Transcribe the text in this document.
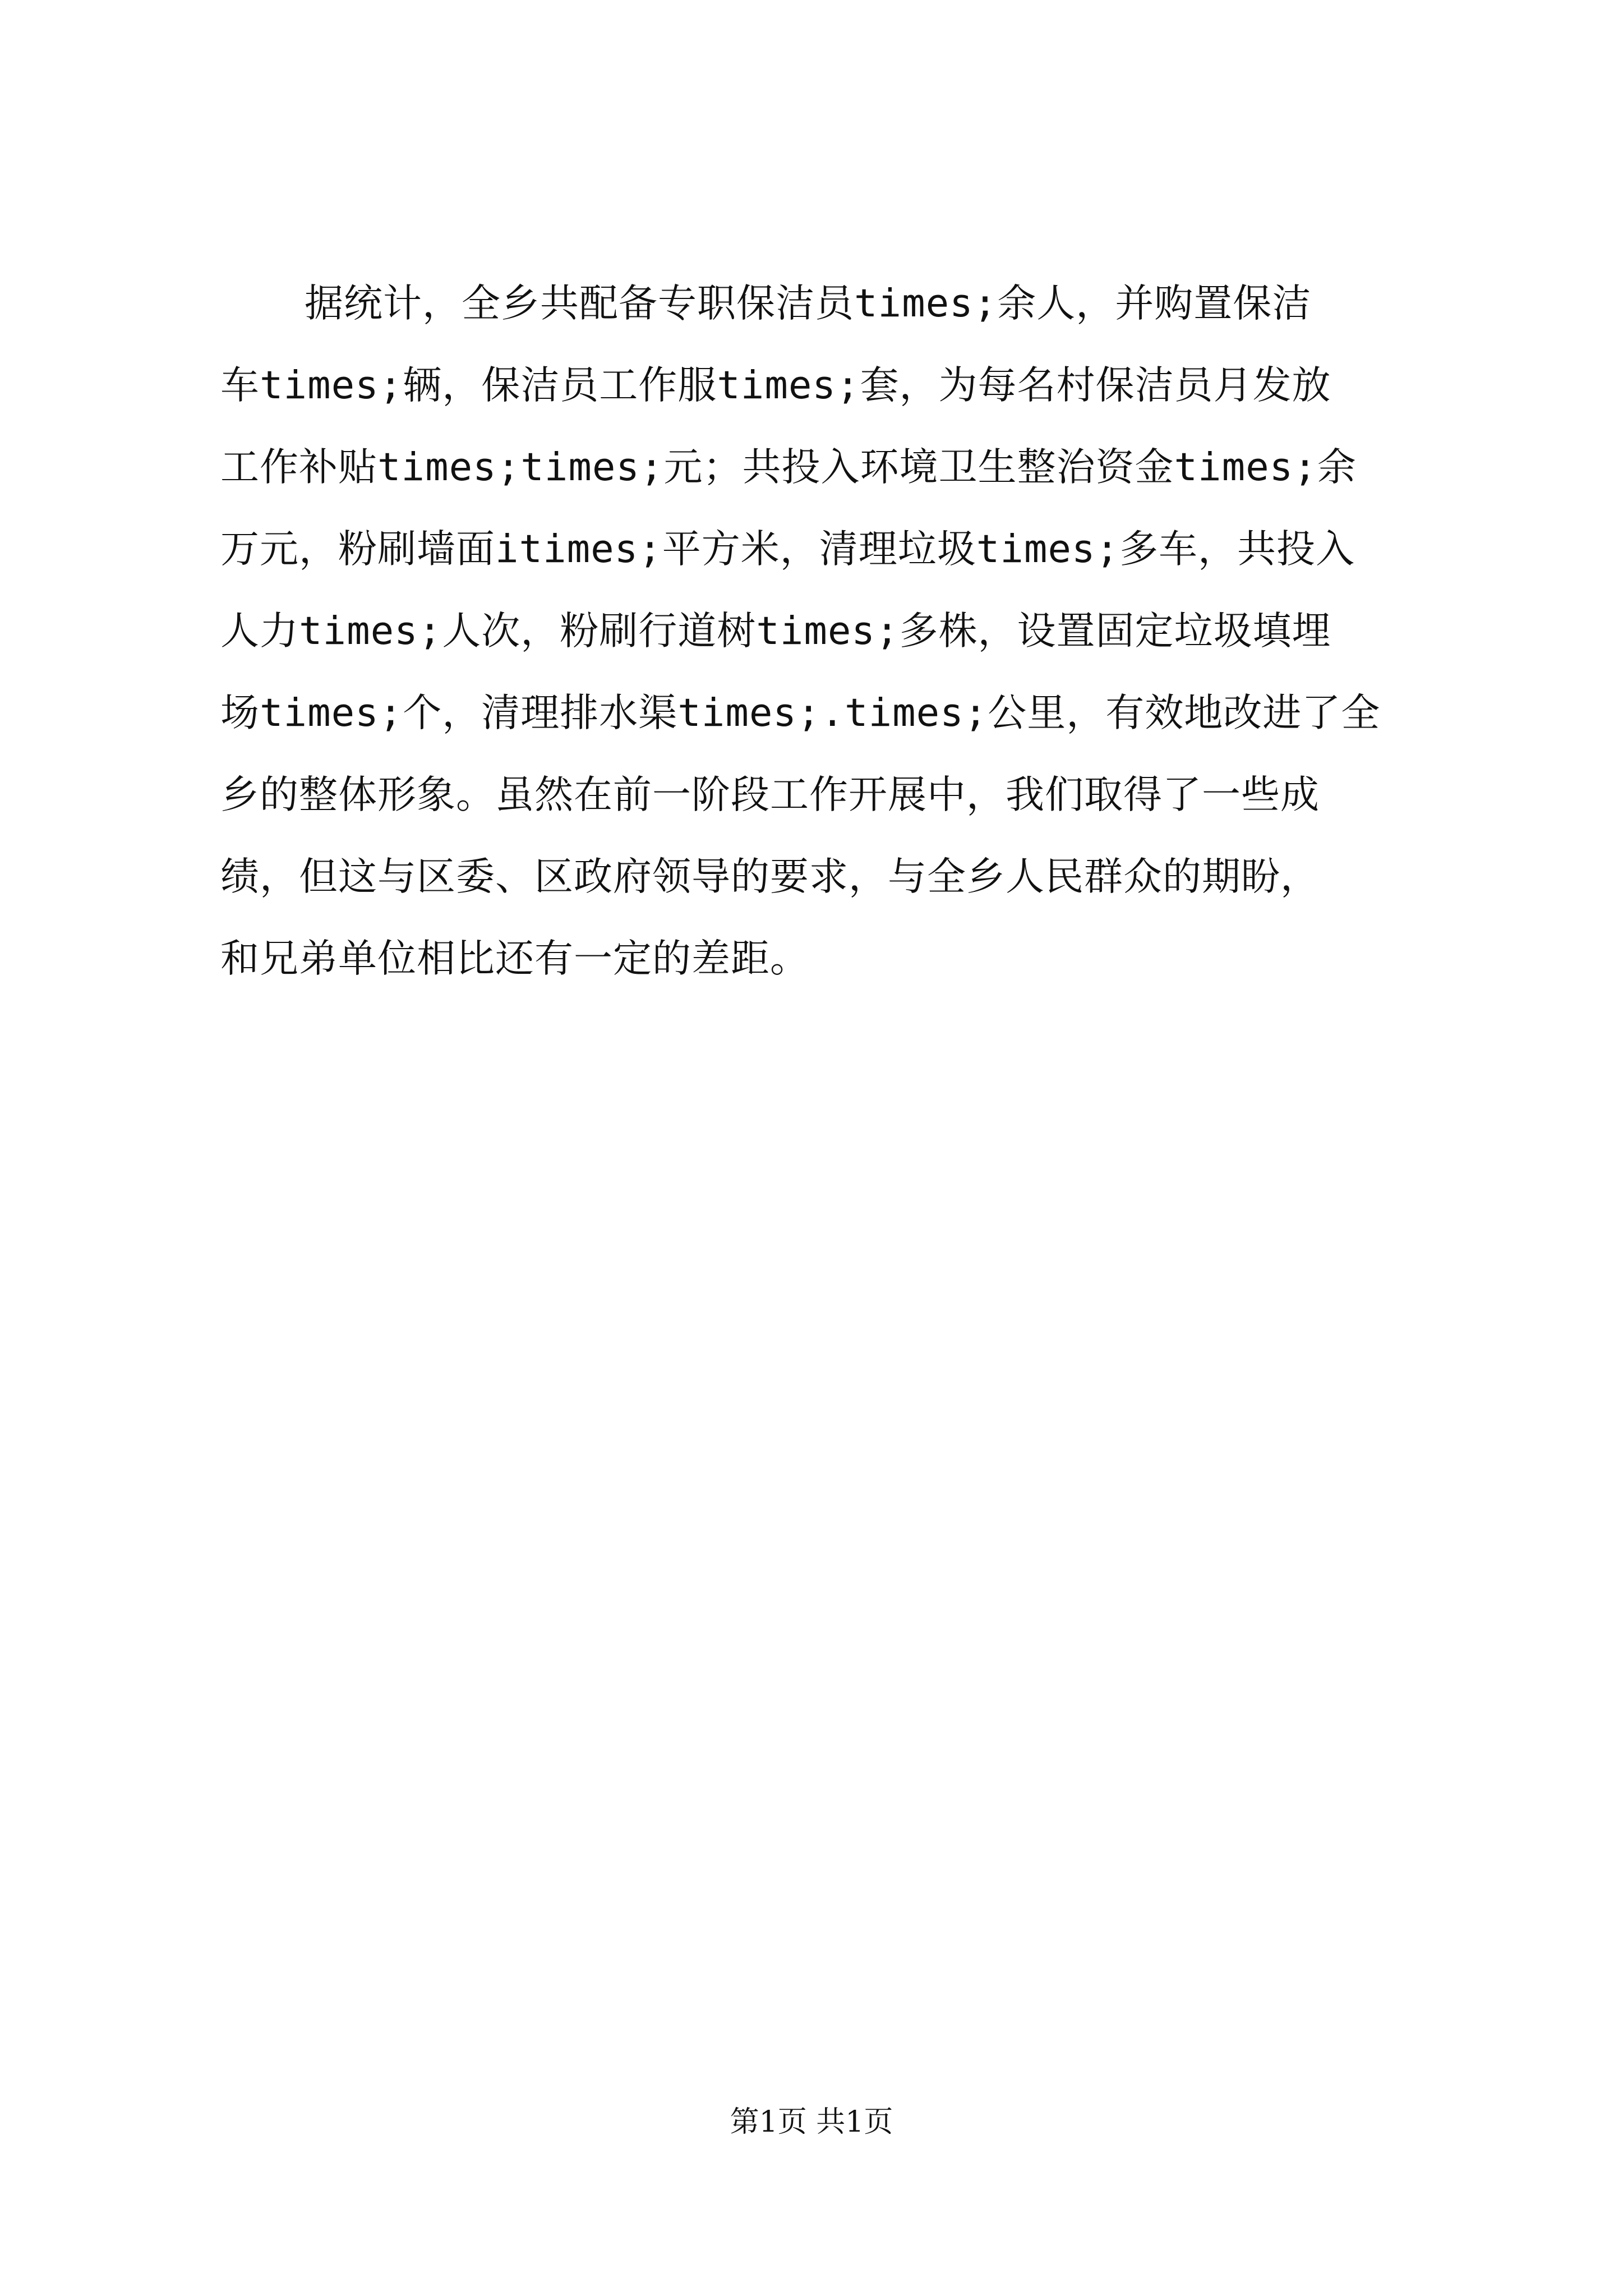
据统计，全乡共配备专职保洁员times;余人，并购置保洁
车times;辆，保洁员工作服times;套，为每名村保洁员月发放
工作补贴times;times;元；共投入环境卫生整治资金times;余
万元，粉刷墙面itimes;平方米，清理垃圾times;多车，共投入
人力times;人次，粉刷行道树times;多株，设置固定垃圾填埋
场times;个，清理排水渠times;.times;公里，有效地改进了全
乡的整体形象。虽然在前一阶段工作开展中，我们取得了一些成
绩，但这与区委、区政府领导的要求，与全乡人民群众的期盼，
和兄弟单位相比还有一定的差距。
第1页 共1页
